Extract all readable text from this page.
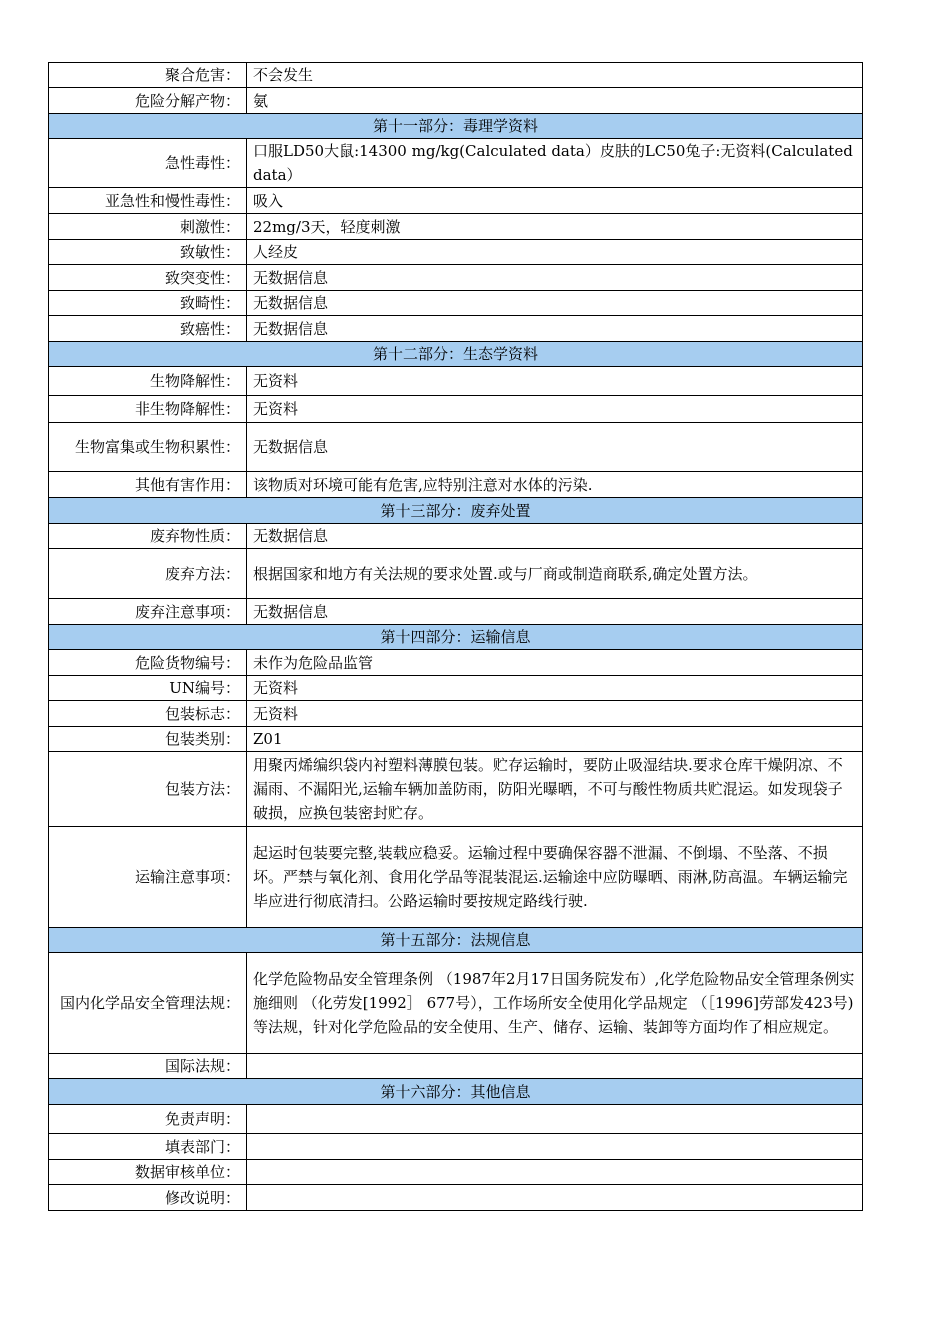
聚合危害：	不会发生
危险分解产物：	氨
第十一部分：毒理学资料	
急性毒性：	口服LD50大鼠:14300 mg/kg(Calculated data）皮肤的LC50兔子:无资料(Calculated data）
亚急性和慢性毒性：	吸入
刺激性：	22mg/3天，轻度刺激
致敏性：	人经皮
致突变性：	无数据信息
致畸性：	无数据信息
致癌性：	无数据信息
第十二部分：生态学资料	
生物降解性：	无资料
非生物降解性：	无资料
生物富集或生物积累性：	无数据信息
其他有害作用：	该物质对环境可能有危害,应特别注意对水体的污染.
第十三部分：废弃处置	
废弃物性质：	无数据信息
废弃方法：	根据国家和地方有关法规的要求处置.或与厂商或制造商联系,确定处置方法。
废弃注意事项：	无数据信息
第十四部分：运输信息	
危险货物编号：	未作为危险品监管
UN编号：	无资料
包装标志：	无资料
包装类别：	Z01
包装方法：	用聚丙烯编织袋内衬塑料薄膜包装。贮存运输时，要防止吸湿结块.要求仓库干燥阴凉、不漏雨、不漏阳光,运输车辆加盖防雨，防阳光曝晒，不可与酸性物质共贮混运。如发现袋子破损，应换包装密封贮存。
运输注意事项：	起运时包装要完整,装载应稳妥。运输过程中要确保容器不泄漏、不倒塌、不坠落、不损坏。严禁与氧化剂、食用化学品等混装混运.运输途中应防曝晒、雨淋,防高温。车辆运输完毕应进行彻底清扫。公路运输时要按规定路线行驶.
第十五部分：法规信息	
国内化学品安全管理法规：	化学危险物品安全管理条例 （1987年2月17日国务院发布）,化学危险物品安全管理条例实施细则 （化劳发[1992］ 677号），工作场所安全使用化学品规定 （［1996]劳部发423号)等法规，针对化学危险品的安全使用、生产、储存、运输、装卸等方面均作了相应规定。
国际法规：	
第十六部分：其他信息	
免责声明：	
填表部门：	
数据审核单位：	
修改说明：	
